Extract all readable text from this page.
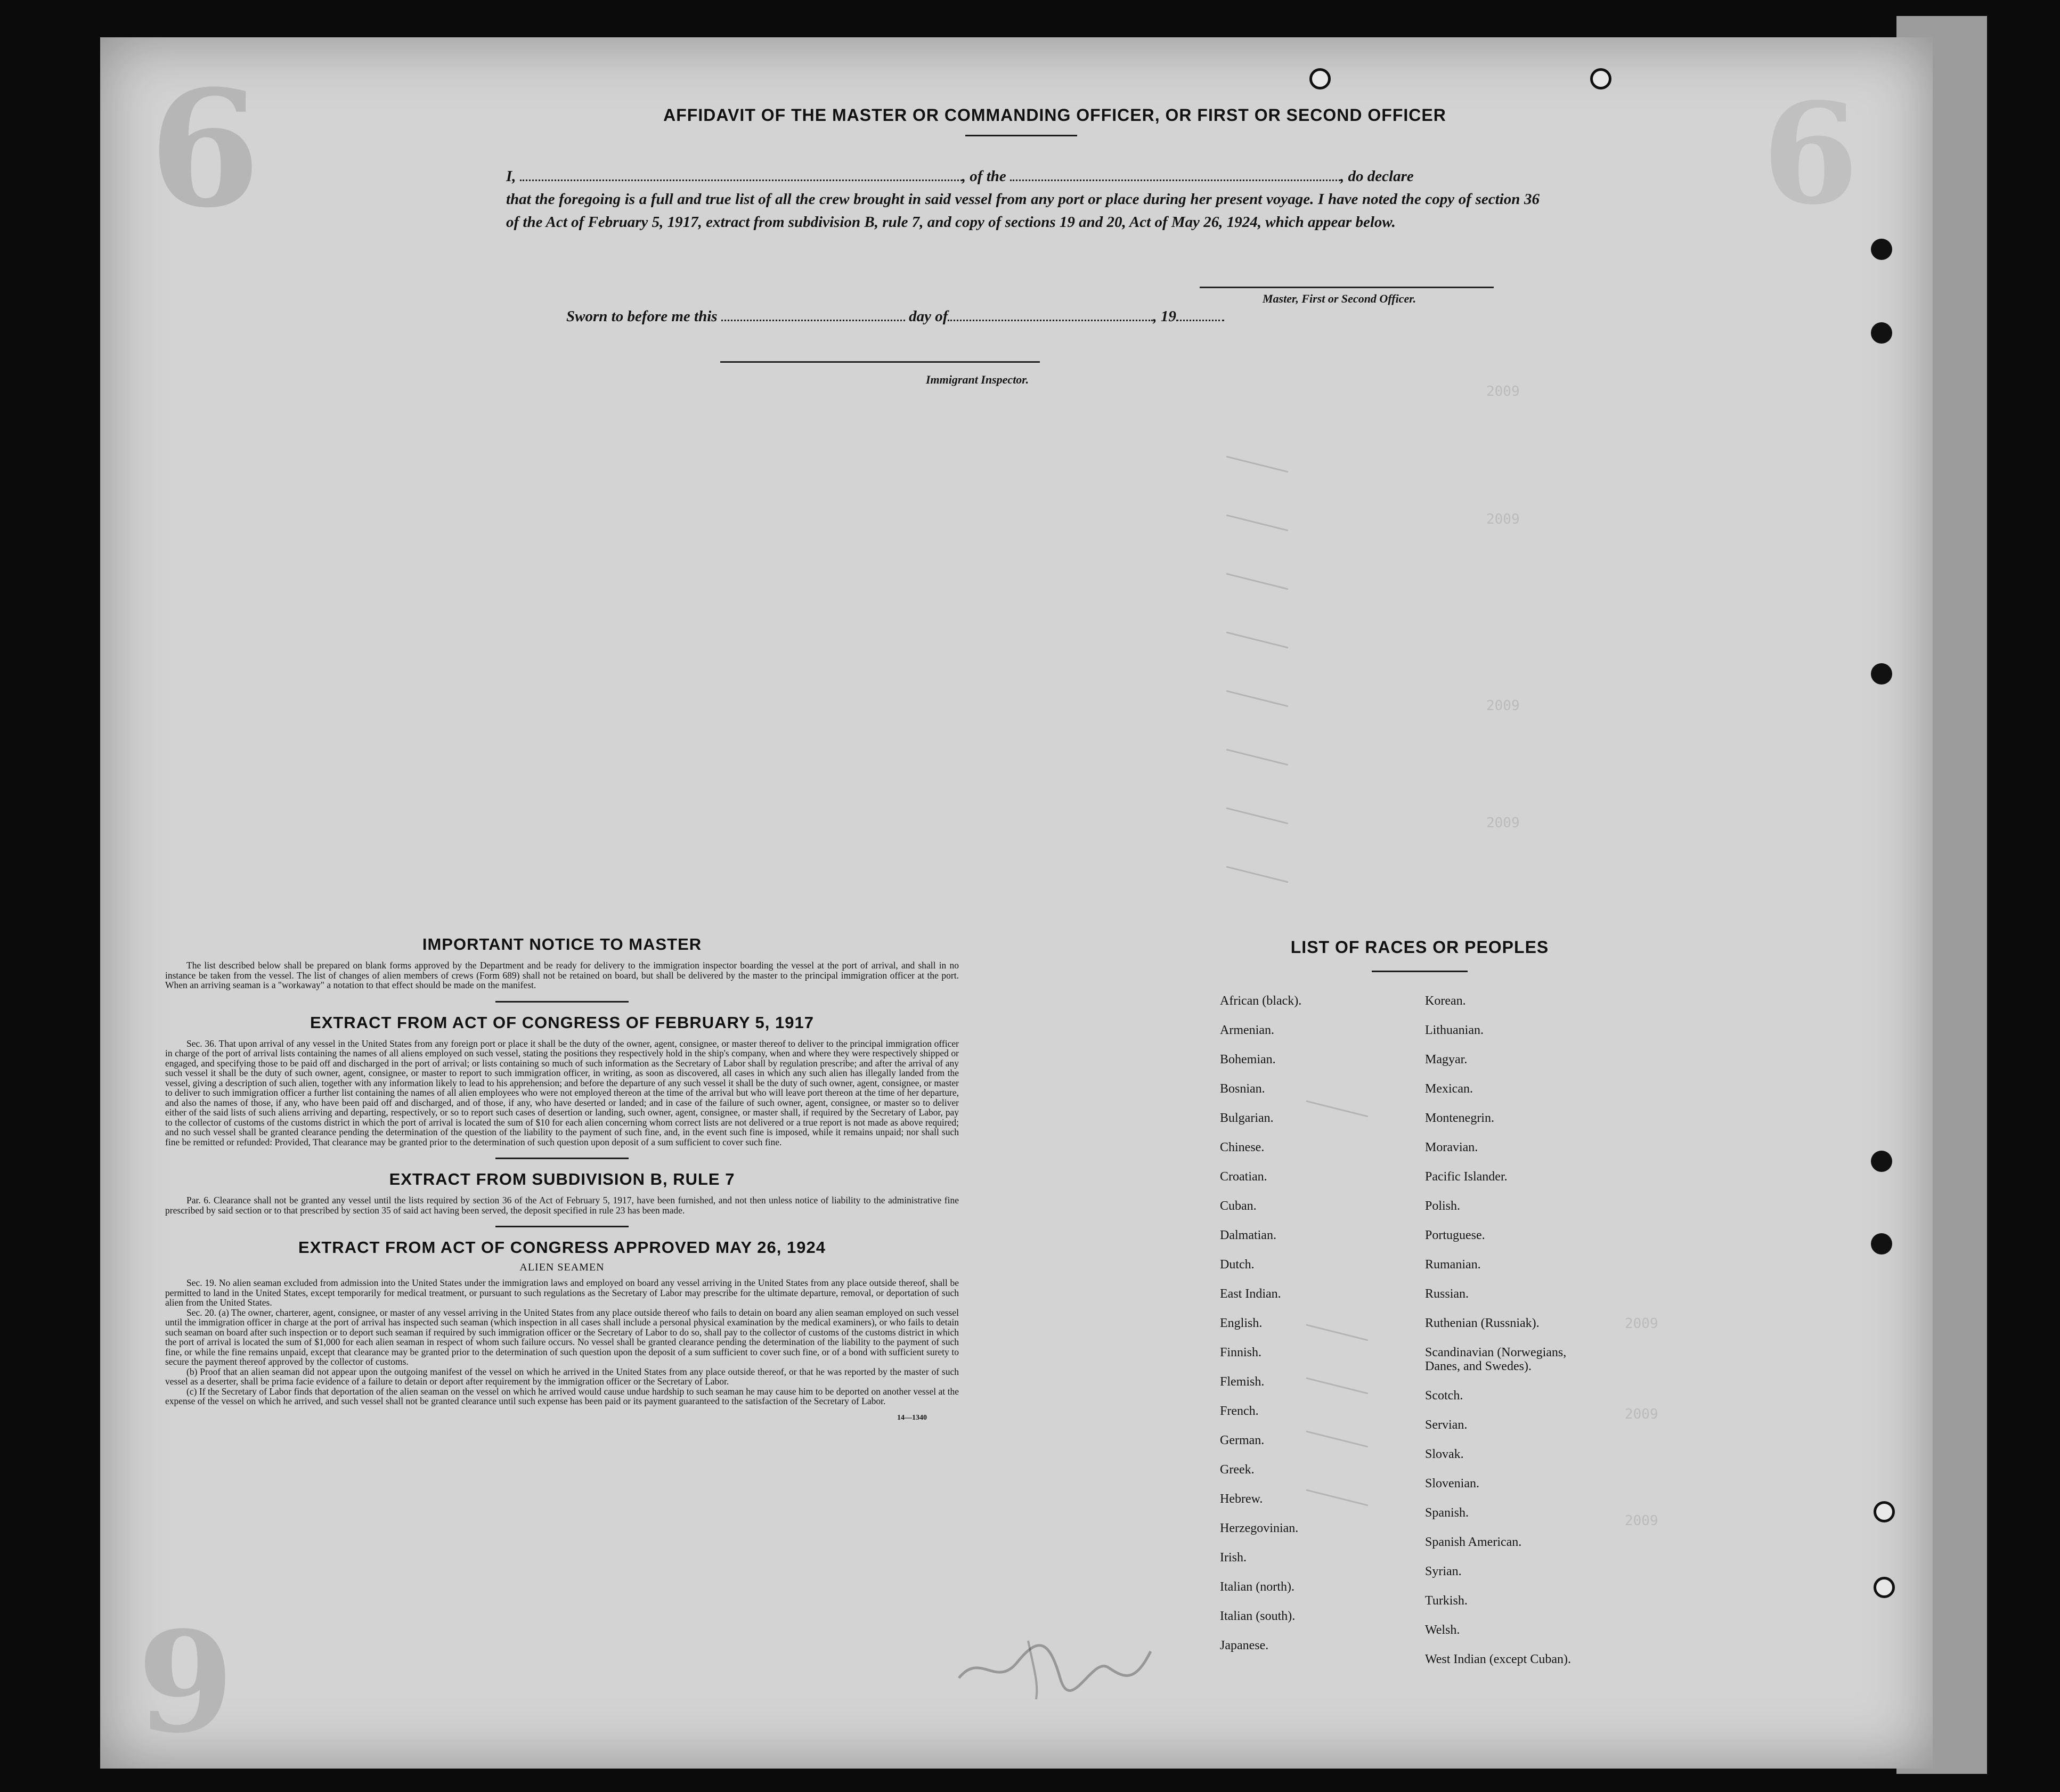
6
6
6
2009
2009
2009
2009
2009
2009
2009
AFFIDAVIT OF THE MASTER OR COMMANDING OFFICER, OR FIRST OR SECOND OFFICER
I,	, of the	, do declare
that the foregoing is a full and true list of all the crew brought in said vessel from any port or place during her present voyage. I have noted the copy of section 36 of the Act of February 5, 1917, extract from subdivision B, rule 7, and copy of sections 19 and 20, Act of May 26, 1924, which appear below.
Master, First or Second Officer.
Sworn to before me this	day of	, 19
Immigrant Inspector.
IMPORTANT NOTICE TO MASTER

The list described below shall be prepared on blank forms approved by the Department and be ready for delivery to the immigration inspector boarding the vessel at the port of arrival, and shall in no instance be taken from the vessel. The list of changes of alien members of crews (Form 689) shall not be retained on board, but shall be delivered by the master to the principal immigration officer at the port. When an arriving seaman is a "workaway" a notation to that effect should be made on the manifest.

EXTRACT FROM ACT OF CONGRESS OF FEBRUARY 5, 1917

Sec. 36. That upon arrival of any vessel in the United States from any foreign port or place it shall be the duty of the owner, agent, consignee, or master thereof to deliver to the principal immigration officer in charge of the port of arrival lists containing the names of all aliens employed on such vessel, stating the positions they respectively hold in the ship's company, when and where they were respectively shipped or engaged, and specifying those to be paid off and discharged in the port of arrival; or lists containing so much of such information as the Secretary of Labor shall by regulation prescribe; and after the arrival of any such vessel it shall be the duty of such owner, agent, consignee, or master to report to such immigration officer, in writing, as soon as discovered, all cases in which any such alien has illegally landed from the vessel, giving a description of such alien, together with any information likely to lead to his apprehension; and before the departure of any such vessel it shall be the duty of such owner, agent, consignee, or master to deliver to such immigration officer a further list containing the names of all alien employees who were not employed thereon at the time of the arrival but who will leave port thereon at the time of her departure, and also the names of those, if any, who have been paid off and discharged, and of those, if any, who have deserted or landed; and in case of the failure of such owner, agent, consignee, or master so to deliver either of the said lists of such aliens arriving and departing, respectively, or so to report such cases of desertion or landing, such owner, agent, consignee, or master shall, if required by the Secretary of Labor, pay to the collector of customs of the customs district in which the port of arrival is located the sum of $10 for each alien concerning whom correct lists are not delivered or a true report is not made as above required; and no such vessel shall be granted clearance pending the determination of the question of the liability to the payment of such fine, and, in the event such fine is imposed, while it remains unpaid; nor shall such fine be remitted or refunded: Provided, That clearance may be granted prior to the determination of such question upon deposit of a sum sufficient to cover such fine.

EXTRACT FROM SUBDIVISION B, RULE 7

Par. 6. Clearance shall not be granted any vessel until the lists required by section 36 of the Act of February 5, 1917, have been furnished, and not then unless notice of liability to the administrative fine prescribed by said section or to that prescribed by section 35 of said act having been served, the deposit specified in rule 23 has been made.

EXTRACT FROM ACT OF CONGRESS APPROVED MAY 26, 1924
ALIEN SEAMEN

Sec. 19. No alien seaman excluded from admission into the United States under the immigration laws and employed on board any vessel arriving in the United States from any place outside thereof, shall be permitted to land in the United States, except temporarily for medical treatment, or pursuant to such regulations as the Secretary of Labor may prescribe for the ultimate departure, removal, or deportation of such alien from the United States.

Sec. 20. (a) The owner, charterer, agent, consignee, or master of any vessel arriving in the United States from any place outside thereof who fails to detain on board any alien seaman employed on such vessel until the immigration officer in charge at the port of arrival has inspected such seaman (which inspection in all cases shall include a personal physical examination by the medical examiners), or who fails to detain such seaman on board after such inspection or to deport such seaman if required by such immigration officer or the Secretary of Labor to do so, shall pay to the collector of customs of the customs district in which the port of arrival is located the sum of $1,000 for each alien seaman in respect of whom such failure occurs. No vessel shall be granted clearance pending the determination of the liability to the payment of such fine, or while the fine remains unpaid, except that clearance may be granted prior to the determination of such question upon the deposit of a sum sufficient to cover such fine, or of a bond with sufficient surety to secure the payment thereof approved by the collector of customs.

(b) Proof that an alien seaman did not appear upon the outgoing manifest of the vessel on which he arrived in the United States from any place outside thereof, or that he was reported by the master of such vessel as a deserter, shall be prima facie evidence of a failure to detain or deport after requirement by the immigration officer or the Secretary of Labor.

(c) If the Secretary of Labor finds that deportation of the alien seaman on the vessel on which he arrived would cause undue hardship to such seaman he may cause him to be deported on another vessel at the expense of the vessel on which he arrived, and such vessel shall not be granted clearance until such expense has been paid or its payment guaranteed to the satisfaction of the Secretary of Labor.

14—1340
LIST OF RACES OR PEOPLES
African (black).
Armenian.
Bohemian.
Bosnian.
Bulgarian.
Chinese.
Croatian.
Cuban.
Dalmatian.
Dutch.
East Indian.
English.
Finnish.
Flemish.
French.
German.
Greek.
Hebrew.
Herzegovinian.
Irish.
Italian (north).
Italian (south).
Japanese.
Korean.
Lithuanian.
Magyar.
Mexican.
Montenegrin.
Moravian.
Pacific Islander.
Polish.
Portuguese.
Rumanian.
Russian.
Ruthenian (Russniak).
Scandinavian (Norwegians, Danes, and Swedes).
Scotch.
Servian.
Slovak.
Slovenian.
Spanish.
Spanish American.
Syrian.
Turkish.
Welsh.
West Indian (except Cuban).
